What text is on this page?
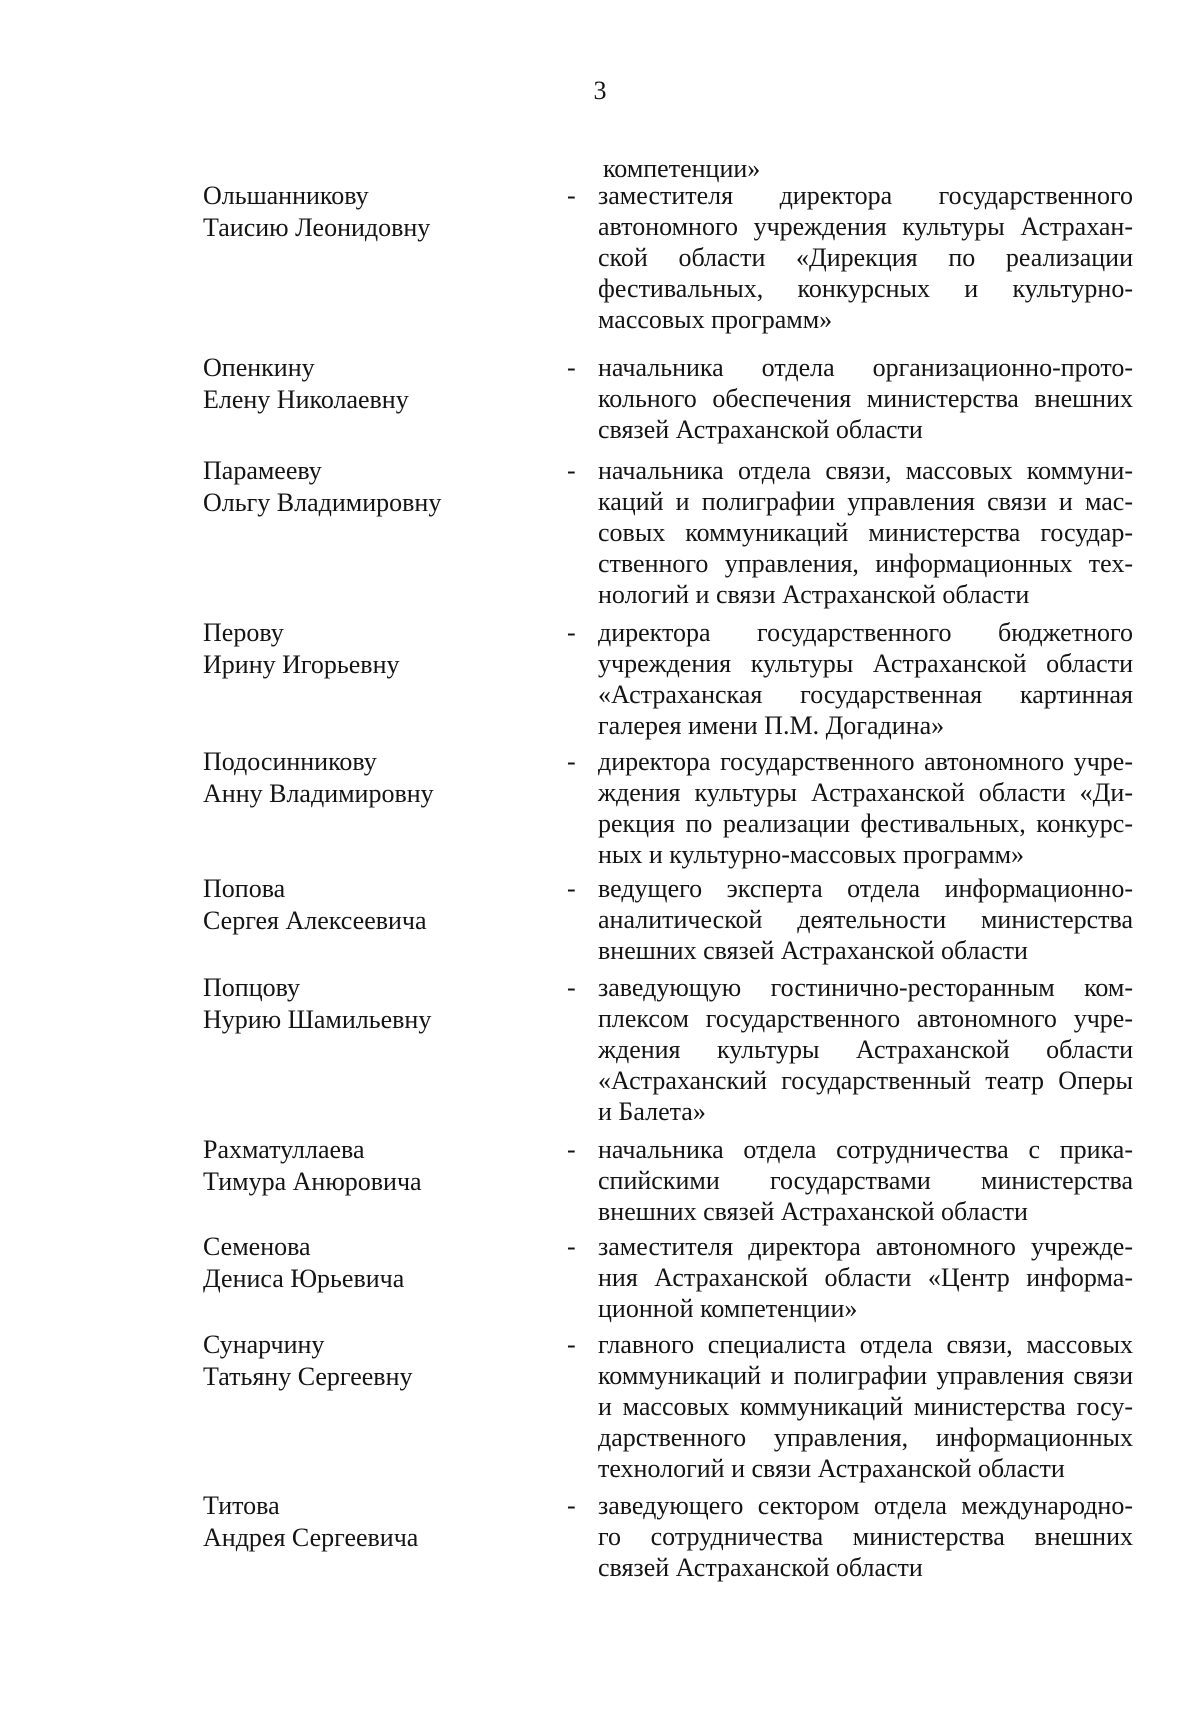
3
компетенции»
Ольшанникову
Таисию Леонидовну
- заместителя директора государственного
автономного учреждения культуры Астрахан-
ской области «Дирекция по реализации
фестивальных, конкурсных и культурно-
массовых программ»
Опенкину
Елену Николаевну
- начальника отдела организационно-прото-
кольного обеспечения министерства внешних
связей Астраханской области
Парамееву
Ольгу Владимировну
- начальника отдела связи, массовых коммуни-
каций и полиграфии управления связи и мас-
совых коммуникаций министерства государ-
ственного управления, информационных тех-
нологий и связи Астраханской области
Перову
Ирину Игорьевну
- директора государственного бюджетного
учреждения культуры Астраханской области
«Астраханская государственная картинная
галерея имени П.М. Догадина»
Подосинникову
Анну Владимировну
- директора государственного автономного учре-
ждения культуры Астраханской области «Ди-
рекция по реализации фестивальных, конкурс-
ных и культурно-массовых программ»
Попова
Сергея Алексеевича
- ведущего эксперта отдела информационно-
аналитической деятельности министерства
внешних связей Астраханской области
Попцову
Нурию Шамильевну
- заведующую гостинично-ресторанным ком-
плексом государственного автономного учре-
ждения культуры Астраханской области
«Астраханский государственный театр Оперы
и Балета»
Рахматуллаева
Тимура Анюровича
- начальника отдела сотрудничества с прика-
спийскими государствами министерства
внешних связей Астраханской области
Семенова
Дениса Юрьевича
- заместителя директора автономного учрежде-
ния Астраханской области «Центр информа-
ционной компетенции»
Сунарчину
Татьяну Сергеевну
- главного специалиста отдела связи, массовых
коммуникаций и полиграфии управления связи
и массовых коммуникаций министерства госу-
дарственного управления, информационных
технологий и связи Астраханской области
Титова
Андрея Сергеевича
- заведующего сектором отдела международно-
го сотрудничества министерства внешних
связей Астраханской области
